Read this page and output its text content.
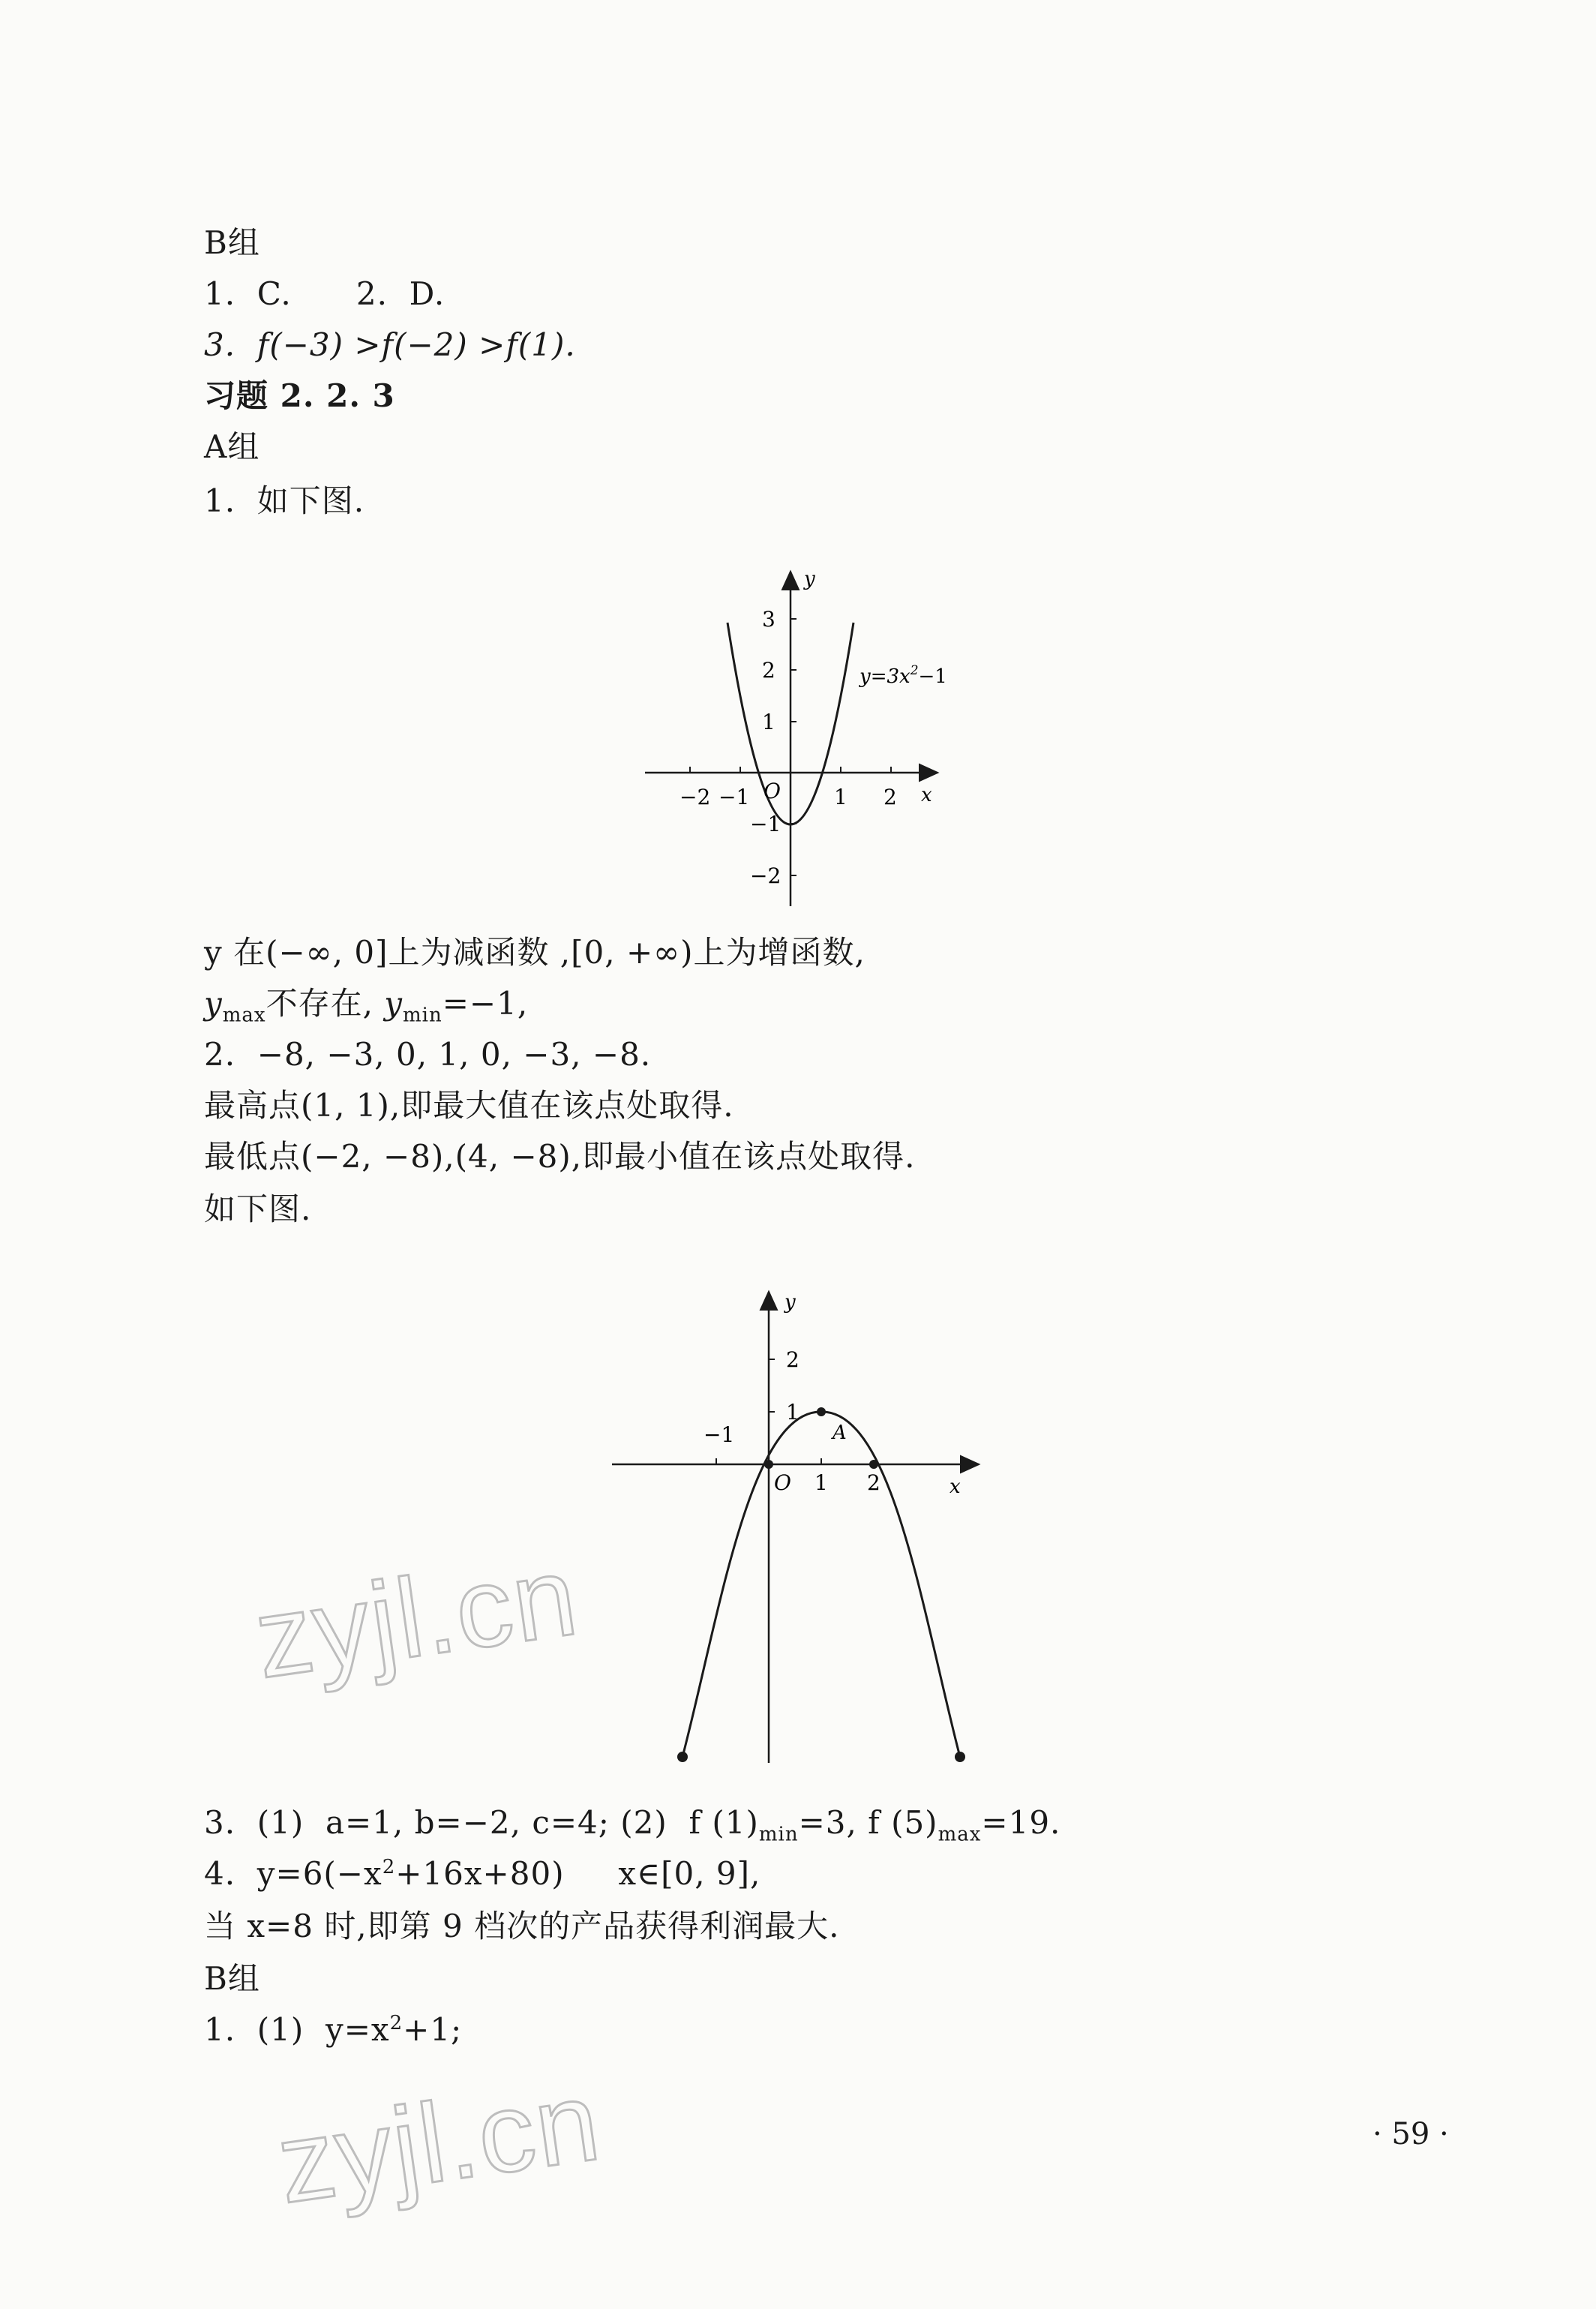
B组
1.  C.      2.  D.
3.  f(−3) >f(−2) >f(1).
习题 2. 2. 3
A组
1.  如下图.
y
x
O
−2 −1	1 2
3
2
1
−1
−2
$y=3x^2-1$
y 在(−∞, 0]上为减函数 ,[0, +∞)上为增函数,
$y_{max}$不存在, $y_{min}=-1$,
2.  −8, −3, 0, 1, 0, −3, −8.
最高点(1, 1),即最大值在该点处取得.
最低点(−2, −8),(4, −8),即最小值在该点处取得.
如下图.
y
x
O
A
−1
1 2
2
1
3.  (1)  a=1, b=−2, c=4; (2)  f $(1)_{min}=3$, f $(5)_{max}=19$.
4.  $y=6(-x^2+16x+80)$     x∈[0, 9],
当 x=8 时,即第 9 档次的产品获得利润最大.
B组
1.  (1)  $y=x^2+1$;
zyjl.cn
zyjl.cn	· 59 ·
